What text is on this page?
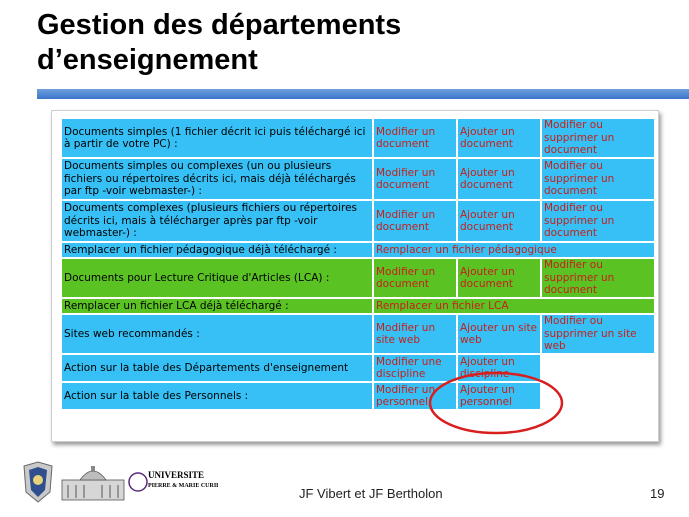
Gestion des départements
d’enseignement
Documents simples (1 fichier décrit ici puis téléchargé ici à partir de votre PC) :	Modifier un document	Ajouter un document	Modifier ou supprimer un document
Documents simples ou complexes (un ou plusieurs fichiers ou répertoires décrits ici, mais déjà téléchargés par ftp -voir webmaster-) :	Modifier un document	Ajouter un document	Modifier ou supprimer un document
Documents complexes (plusieurs fichiers ou répertoires décrits ici, mais à télécharger après par ftp -voir webmaster-) :	Modifier un document	Ajouter un document	Modifier ou supprimer un document
Remplacer un fichier pédagogique déjà téléchargé :	Remplacer un fichier pédagogique		
Documents pour Lecture Critique d'Articles (LCA) :	Modifier un document	Ajouter un document	Modifier ou supprimer un document
Remplacer un fichier LCA déjà téléchargé :	Remplacer un fichier LCA		
Sites web recommandés :	Modifier un site web	Ajouter un site web	Modifier ou supprimer un site web
Action sur la table des Départements d'enseignement	Modifier une discipline	Ajouter un discipline	
Action sur la table des Personnels :	Modifier un personnel	Ajouter un personnel	
UNIVERSITE
PIERRE & MARIE CURIE	JF Vibert et JF Bertholon	19
